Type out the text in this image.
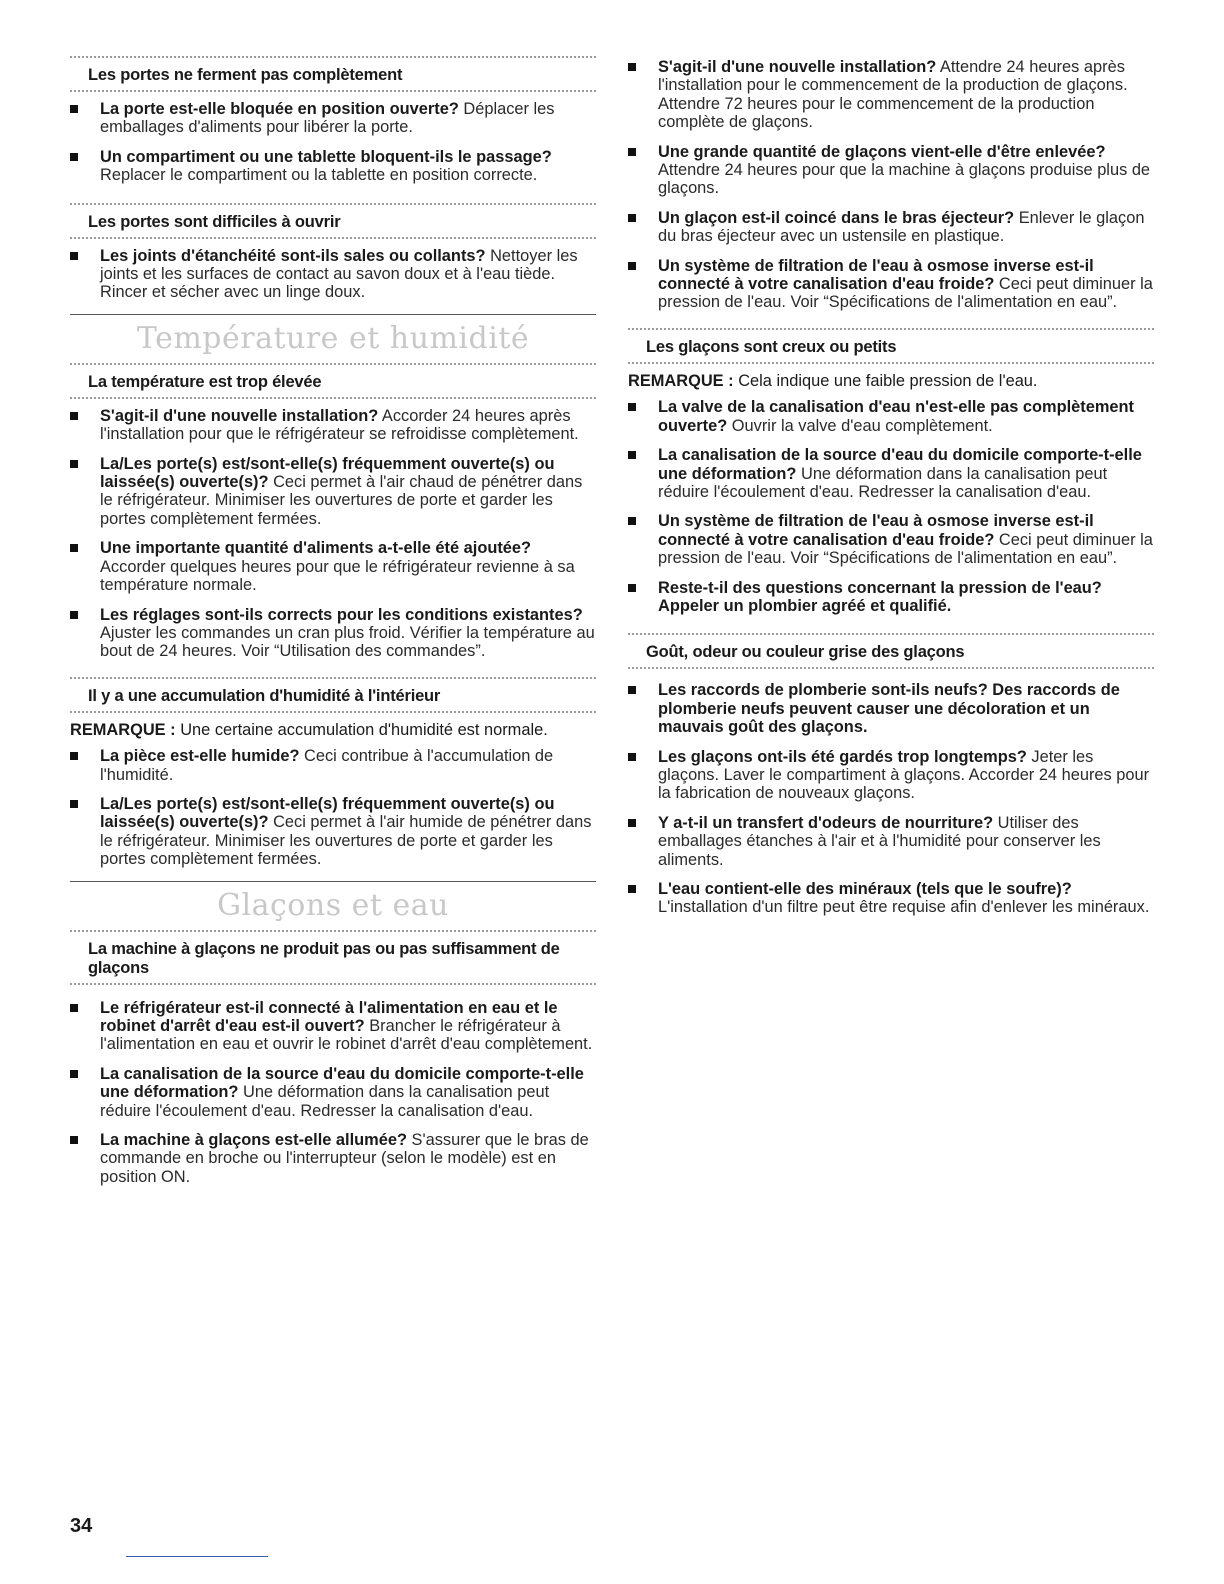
Les portes ne ferment pas complètement
La porte est-elle bloquée en position ouverte? Déplacer les emballages d'aliments pour libérer la porte.
Un compartiment ou une tablette bloquent-ils le passage? Replacer le compartiment ou la tablette en position correcte.
Les portes sont difficiles à ouvrir
Les joints d'étanchéité sont-ils sales ou collants? Nettoyer les joints et les surfaces de contact au savon doux et à l'eau tiède. Rincer et sécher avec un linge doux.
Température et humidité
La température est trop élevée
S'agit-il d'une nouvelle installation? Accorder 24 heures après l'installation pour que le réfrigérateur se refroidisse complètement.
La/Les porte(s) est/sont-elle(s) fréquemment ouverte(s) ou laissée(s) ouverte(s)? Ceci permet à l'air chaud de pénétrer dans le réfrigérateur. Minimiser les ouvertures de porte et garder les portes complètement fermées.
Une importante quantité d'aliments a-t-elle été ajoutée? Accorder quelques heures pour que le réfrigérateur revienne à sa température normale.
Les réglages sont-ils corrects pour les conditions existantes? Ajuster les commandes un cran plus froid. Vérifier la température au bout de 24 heures. Voir “Utilisation des commandes”.
Il y a une accumulation d'humidité à l'intérieur
REMARQUE : Une certaine accumulation d'humidité est normale.
La pièce est-elle humide? Ceci contribue à l'accumulation de l'humidité.
La/Les porte(s) est/sont-elle(s) fréquemment ouverte(s) ou laissée(s) ouverte(s)? Ceci permet à l'air humide de pénétrer dans le réfrigérateur. Minimiser les ouvertures de porte et garder les portes complètement fermées.
Glaçons et eau
La machine à glaçons ne produit pas ou pas suffisamment de glaçons
Le réfrigérateur est-il connecté à l'alimentation en eau et le robinet d'arrêt d'eau est-il ouvert? Brancher le réfrigérateur à l'alimentation en eau et ouvrir le robinet d'arrêt d'eau complètement.
La canalisation de la source d'eau du domicile comporte-t-elle une déformation? Une déformation dans la canalisation peut réduire l'écoulement d'eau. Redresser la canalisation d'eau.
La machine à glaçons est-elle allumée? S'assurer que le bras de commande en broche ou l'interrupteur (selon le modèle) est en position ON.
S'agit-il d'une nouvelle installation? Attendre 24 heures après l'installation pour le commencement de la production de glaçons. Attendre 72 heures pour le commencement de la production complète de glaçons.
Une grande quantité de glaçons vient-elle d'être enlevée? Attendre 24 heures pour que la machine à glaçons produise plus de glaçons.
Un glaçon est-il coincé dans le bras éjecteur? Enlever le glaçon du bras éjecteur avec un ustensile en plastique.
Un système de filtration de l'eau à osmose inverse est-il connecté à votre canalisation d'eau froide? Ceci peut diminuer la pression de l'eau. Voir “Spécifications de l'alimentation en eau”.
Les glaçons sont creux ou petits
REMARQUE : Cela indique une faible pression de l'eau.
La valve de la canalisation d'eau n'est-elle pas complètement ouverte? Ouvrir la valve d'eau complètement.
La canalisation de la source d'eau du domicile comporte-t-elle une déformation? Une déformation dans la canalisation peut réduire l'écoulement d'eau. Redresser la canalisation d'eau.
Un système de filtration de l'eau à osmose inverse est-il connecté à votre canalisation d'eau froide? Ceci peut diminuer la pression de l'eau. Voir “Spécifications de l'alimentation en eau”.
Reste-t-il des questions concernant la pression de l'eau? Appeler un plombier agréé et qualifié.
Goût, odeur ou couleur grise des glaçons
Les raccords de plomberie sont-ils neufs? Des raccords de plomberie neufs peuvent causer une décoloration et un mauvais goût des glaçons.
Les glaçons ont-ils été gardés trop longtemps? Jeter les glaçons. Laver le compartiment à glaçons. Accorder 24 heures pour la fabrication de nouveaux glaçons.
Y a-t-il un transfert d'odeurs de nourriture? Utiliser des emballages étanches à l'air et à l'humidité pour conserver les aliments.
L'eau contient-elle des minéraux (tels que le soufre)? L'installation d'un filtre peut être requise afin d'enlever les minéraux.
34
